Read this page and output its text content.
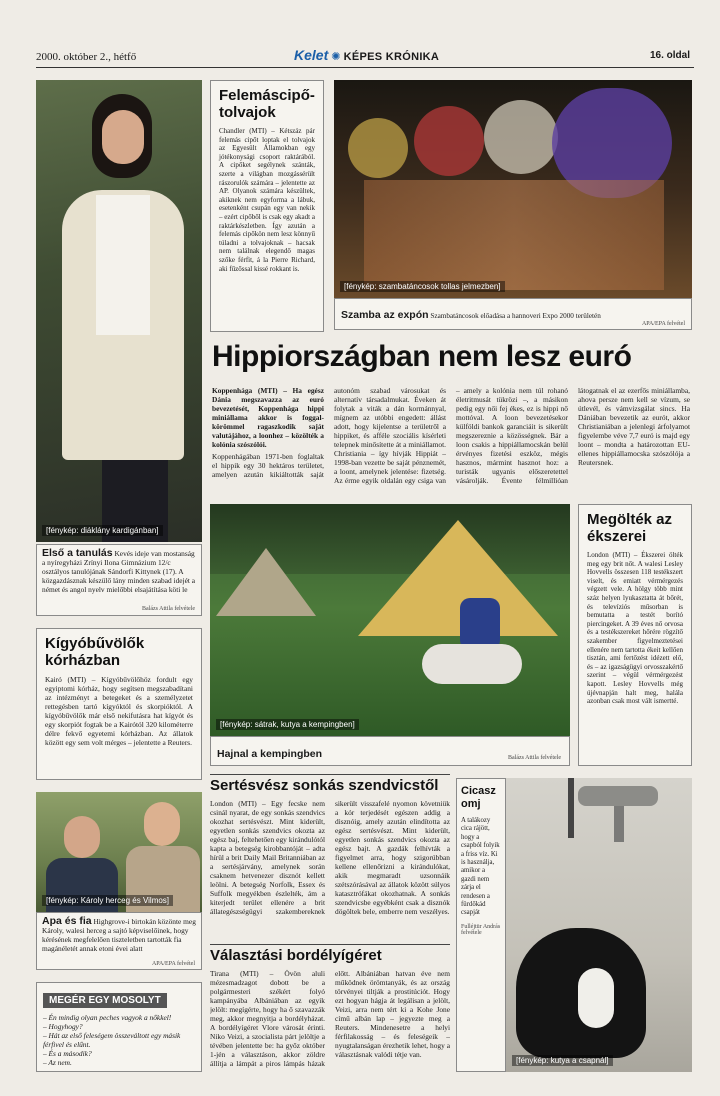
2000. október 2., hétfő	Kelet ✺ KÉPES KRÓNIKA	16. oldal
[fénykép: diáklány kardigánban]

Első a tanulás Kevés ideje van mostanság a nyíregyházi Zrínyi Ilona Gimnázium 12/c osztályos tanulójának Sándorfi Kittynek (17). A közgazdásznak készülő lány minden szabad idejét a német és angol nyelv mielőbbi elsajátítása köti le

Balázs Attila felvétele
Felemáscipő-tolvajok

Chandler (MTI) – Kétszáz pár felemás cipőt loptak el tolvajok az Egyesült Államokban egy jótékonysági csoport raktárából. A cipőket segélynek szánták, szerte a világban mozgássérült rászorulók számára – jelentette az AP. Olyanok számára készültek, akiknek nem egyforma a lábuk, esetenként csupán egy van nekik – ezért cipőből is csak egy akadt a raktárkészletben. Így azután a felemás cipőkön nem lesz könnyű túladni a tolvajoknak – hacsak nem találnak elegendő magas szőke férfit, á la Pierre Richard, aki fűzőssal kissé rokkant is.

[fénykép: szambatáncosok tollas jelmezben]
Szamba az expón Szambatáncosok előadása a hannoveri Expo 2000 területén
APA/EPA felvétel
Hippiországban nem lesz euró

Koppenhága (MTI) – Ha egész Dánia megszavazza az euró bevezetését, Koppenhága hippi miniállama akkor is foggal-körömmel ragaszkodik saját valutájához, a loonhez – közölték a kolónia szószólói.

Koppenhágában 1971-ben foglaltak el hippik egy 30 hektáros területet, amelyen azután kikiáltották saját autonóm szabad városukat és alternatív társadalmukat. Éveken át folytak a viták a dán kormánnyal, mígnem az utóbbi engedett: állást adott, hogy kijelentse a területről a hippiket, és afféle szociális kísérleti telepnek minősítette át a miniállamot. Christiania – így hívják Hippiát – 1998-ban vezette be saját pénznemét, a loont, amelynek jelentése: fizetség. Az érme egyik oldalán egy csiga van – amely a kolónia nem túl rohanó életritmusát tükrözi –, a másikon pedig egy női fej ékes, ez is hippi nő mottóval. A loon bevezetésekor külföldi bankok garanciáit is sikerült megszereznie a közösségnek. Bár a loon csakis a hippiállamocskán belül érvényes fizetési eszköz, mégis hasznos, mármint hasznot hoz: a turisták ugyanis előszeretettel vásárolják. Évente félmillióan látogatnak el az ezerfős miniállamba, ahova persze nem kell se vízum, se útlevél, és vámvizsgálat sincs. Ha Dániában bevezetik az eurót, akkor Christianiában a jelenlegi árfolyamot figyelembe véve 7,7 euró is majd egy loont – mondta a határozottan EU-ellenes hippiállamocska szószólója a Reutersnek.

[fénykép: sátrak, kutya a kempingben]
Hajnal a kempingben	Balázs Attila felvétele
Megölték az ékszerei

London (MTI) – Ékszerei ölték meg egy brit nőt. A walesi Lesley Hovvells összesen 118 testékszert viselt, és emiatt vérmérgezés végzett vele. A hölgy több mint száz helyen lyukasztatta át bőrét, és televíziós műsorban is bemutatta a testét borító piercingeket. A 39 éves nő orvosa és a testékszereket hőrére rögzítő szakember figyelmeztetései ellenére nem tartotta ékeit kellően tisztán, ami fertőzést idézett elő, és – az igazságügyi orvosszakértő szerint – végül vérmérgezést kapott. Lesley Hovvells még újévnapján halt meg, halála azonban csak most vált ismertté.

Kígyóbűvölők kórházban

Kairó (MTI) – Kígyóbűvölőhöz fordult egy egyiptomi kórház, hogy segítsen megszabadítani az intézményt a betegeket és a személyzetet rettegésben tartó kígyóktól és skorpióktól. A kígyóbűvölők már első nekifutásra hat kígyót és egy skorpiót fogtak be a Kairótól 320 kilométerre délre fekvő egyetemi kórházban. Az állatok között egy sem volt mérges – jelentette a Reuters.

Sertésvész sonkás szendvicstől

London (MTI) – Egy fecske nem csinál nyarat, de egy sonkás szendvics okozhat sertésvészt. Mint kiderült, egyetlen sonkás szendvics okozta az egész baj, feltehetően egy kirándulótól kapta a betegség kirobbantóját – adta hírül a brit Daily Mail Britanniában az a sertésjárvány, amelynek során csaknem hetvenezer disznót kellett leölni. A betegség Norfolk, Essex és Suffolk megyékben észlelték, ám a kiterjedt terület ellenére a brit állategészségügyi szakembereknek sikerült visszafelé nyomon követniük a kór terjedését egészen addig a disznóig, amely azután elindította az egész sertésvészt. Mint kiderült, egyetlen sonkás szendvics okozta az egész bajt. A gazdák felhívták a figyelmet arra, hogy szigorúbban kellene ellenőrizni a kirándulókat, akik megmaradt uzsonnáik szétszórásával az állatok között súlyos katasztrófákat okozhatnak. A sonkás szendvicsbe egyébként csak a disznók dögöltek bele, emberre nem veszélyes.

[fénykép: Károly herceg és Vilmos]

Apa és fia Highgrove-i birtokán közönte meg Károly, walesi herceg a sajtó képviselőinek, hogy kérésének megfelelően tiszteletben tartották fia magánéletét annak etoni évei alatt

APA/EPA felvétel Választási bordélyígéret

Tirana (MTI) – Övön aluli mézesmadzagot dobott be a polgármesteri székért folyó kampányába Albániában az egyik jelölt: megígérte, hogy ha ő szavazzák meg, akkor megnyitja a bordélyházat. A bordélyígéret Vlore városát érinti. Niko Veizi, a szocialista párt jelöltje a tévében jelentette be: ha győz október 1-jén a választáson, akkor zöldre állítja a lámpát a piros lámpás házak előtt. Albániában hatvan éve nem működnek örömtanyák, és az ország törvényei tiltják a prostitúciót. Hogy ezt hogyan hágja át legálisan a jelölt, Veizi, arra nem tért ki a Kohe Jone című albán lap – jegyezte meg a Reuters. Mindenesetre a helyi férfilakosság – és feleségeik – nyugtalanságan érezhetik lehet, hogy a választásnak valódi tétje van.

Cicaszomj

A talákozy cica rájött, hogy a csapból folyik a friss víz. Ki is használja, amikor a gazdi nem zárja el rendesen a fürdőkád csapját

Fulléjtür András felvétele
[fénykép: kutya a csapnál]
MEGÉR EGY MOSOLYT
– Én mindig olyan peches vagyok a nőkkel!
– Hogyhogy?
– Hát az első feleségem összeváltott egy másik férfivel és elűnt.
– És a második?
– Az nem.
